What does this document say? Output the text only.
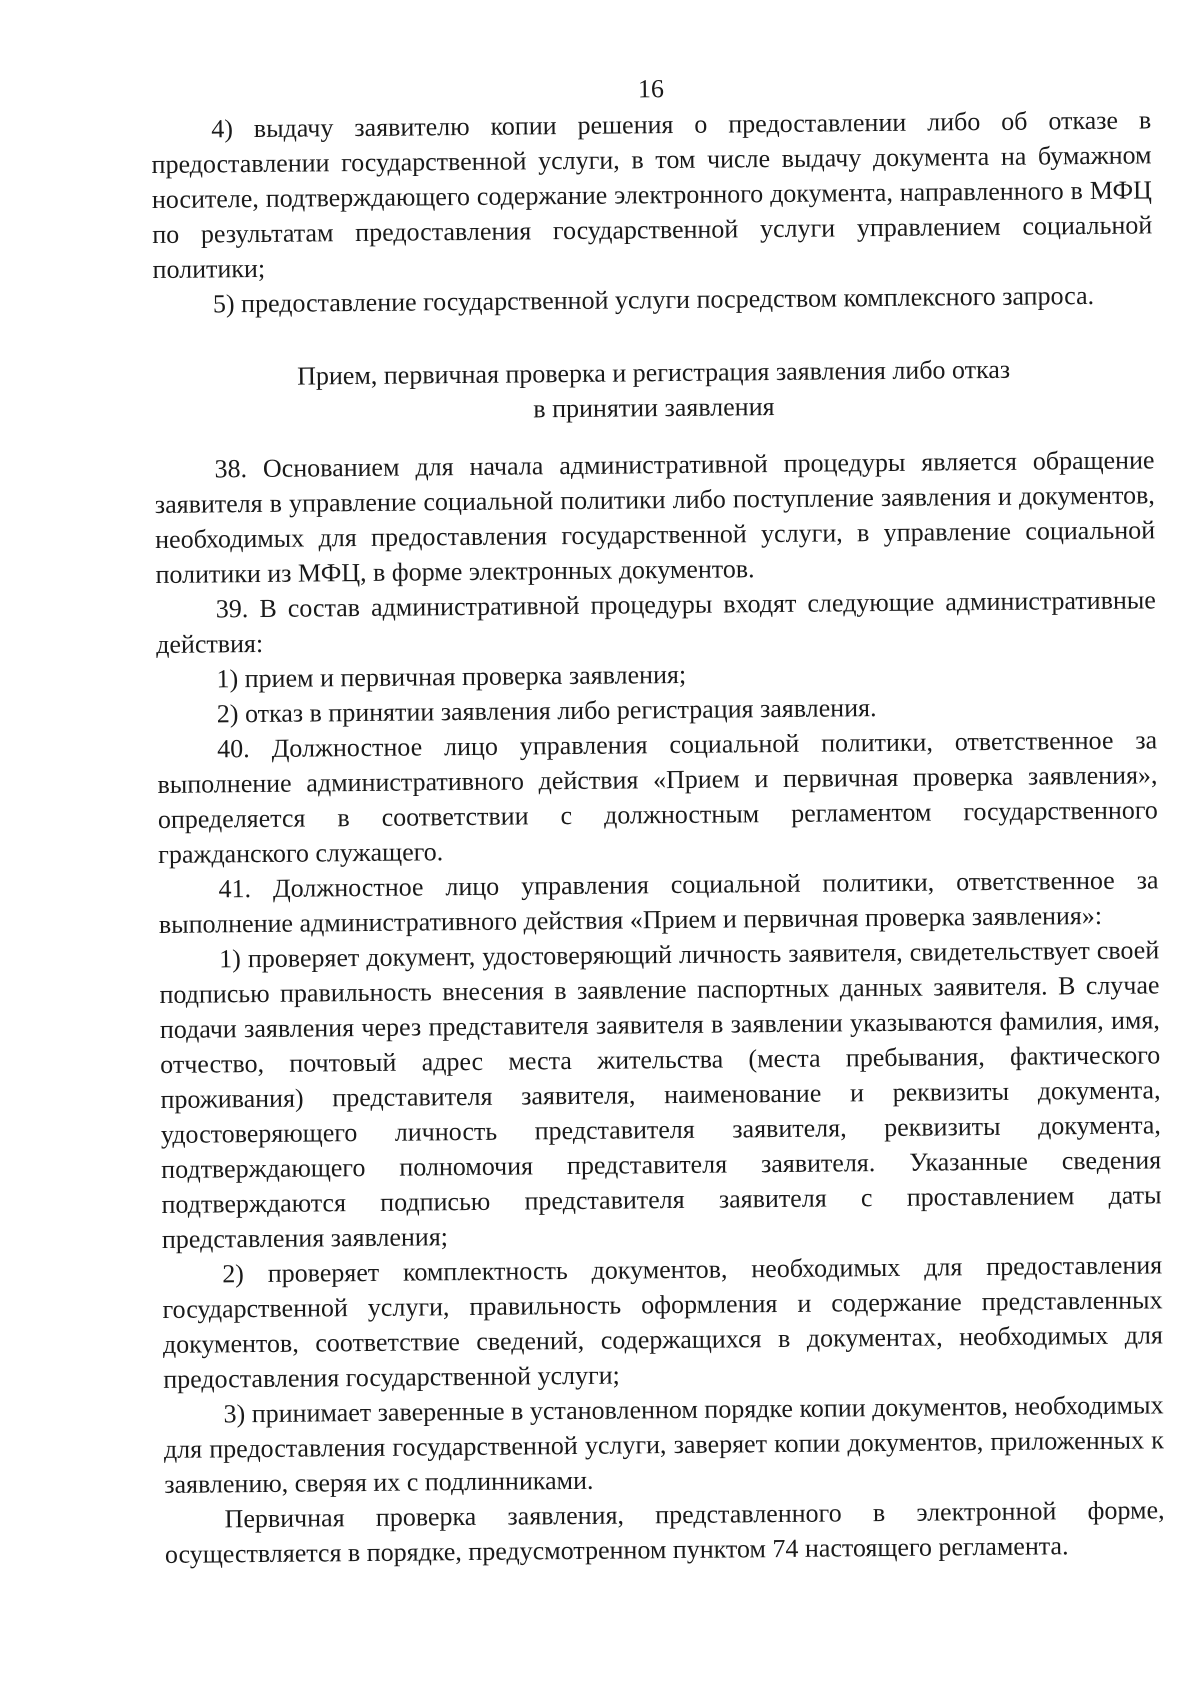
16

4) выдачу заявителю копии решения о предоставлении либо об отказе в предоставлении государственной услуги, в том числе выдачу документа на бумажном носителе, подтверждающего содержание электронного документа, направленного в МФЦ по результатам предоставления государственной услуги управлением социальной политики;

5) предоставление государственной услуги посредством комплексного запроса.

Прием, первичная проверка и регистрация заявления либо отказ
в принятии заявления

38. Основанием для начала административной процедуры является обращение заявителя в управление социальной политики либо поступление заявления и документов, необходимых для предоставления государственной услуги, в управление социальной политики из МФЦ, в форме электронных документов.

39. В состав административной процедуры входят следующие административные действия:

1) прием и первичная проверка заявления;

2) отказ в принятии заявления либо регистрация заявления.

40. Должностное лицо управления социальной политики, ответственное за выполнение административного действия «Прием и первичная проверка заявления», определяется в соответствии с должностным регламентом государственного гражданского служащего.

41. Должностное лицо управления социальной политики, ответственное за выполнение административного действия «Прием и первичная проверка заявления»:

1) проверяет документ, удостоверяющий личность заявителя, свидетельствует своей подписью правильность внесения в заявление паспортных данных заявителя. В случае подачи заявления через представителя заявителя в заявлении указываются фамилия, имя, отчество, почтовый адрес места жительства (места пребывания, фактического проживания) представителя заявителя, наименование и реквизиты документа, удостоверяющего личность представителя заявителя, реквизиты документа, подтверждающего полномочия представителя заявителя. Указанные сведения подтверждаются подписью представителя заявителя с проставлением даты представления заявления;

2) проверяет комплектность документов, необходимых для предоставления государственной услуги, правильность оформления и содержание представленных документов, соответствие сведений, содержащихся в документах, необходимых для предоставления государственной услуги;

3) принимает заверенные в установленном порядке копии документов, необходимых для предоставления государственной услуги, заверяет копии документов, приложенных к заявлению, сверяя их с подлинниками.

Первичная проверка заявления, представленного в электронной форме, осуществляется в порядке, предусмотренном пунктом 74 настоящего регламента.
